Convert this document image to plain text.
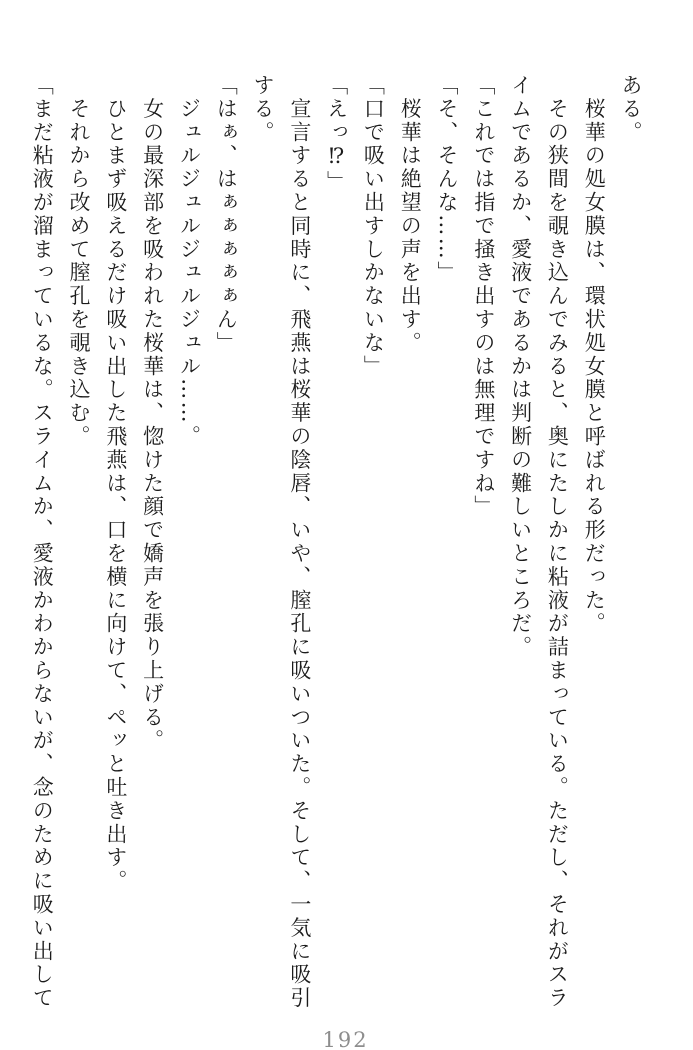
ある。

　桜華の処女膜は、環状処女膜と呼ばれる形だった。

　その狭間を覗き込んでみると、奥にたしかに粘液が詰まっている。ただし、それがスライムであるか、愛液であるかは判断の難しいところだ。

「これでは指で掻き出すのは無理ですね」

「そ、そんな……」

　桜華は絶望の声を出す。

「口で吸い出すしかないな」

「えっ⁉」

　宣言すると同時に、飛燕は桜華の陰唇、いや、膣孔に吸いついた。そして、一気に吸引する。

「はぁ、はぁぁぁぁぁん」

　ジュルジュルジュルジュル……。

　女の最深部を吸われた桜華は、惚けた顔で嬌声を張り上げる。

　ひとまず吸えるだけ吸い出した飛燕は、口を横に向けて、ペッと吐き出す。

　それから改めて膣孔を覗き込む。

「まだ粘液が溜まっているな。スライムか、愛液かわからないが、念のために吸い出して

192
